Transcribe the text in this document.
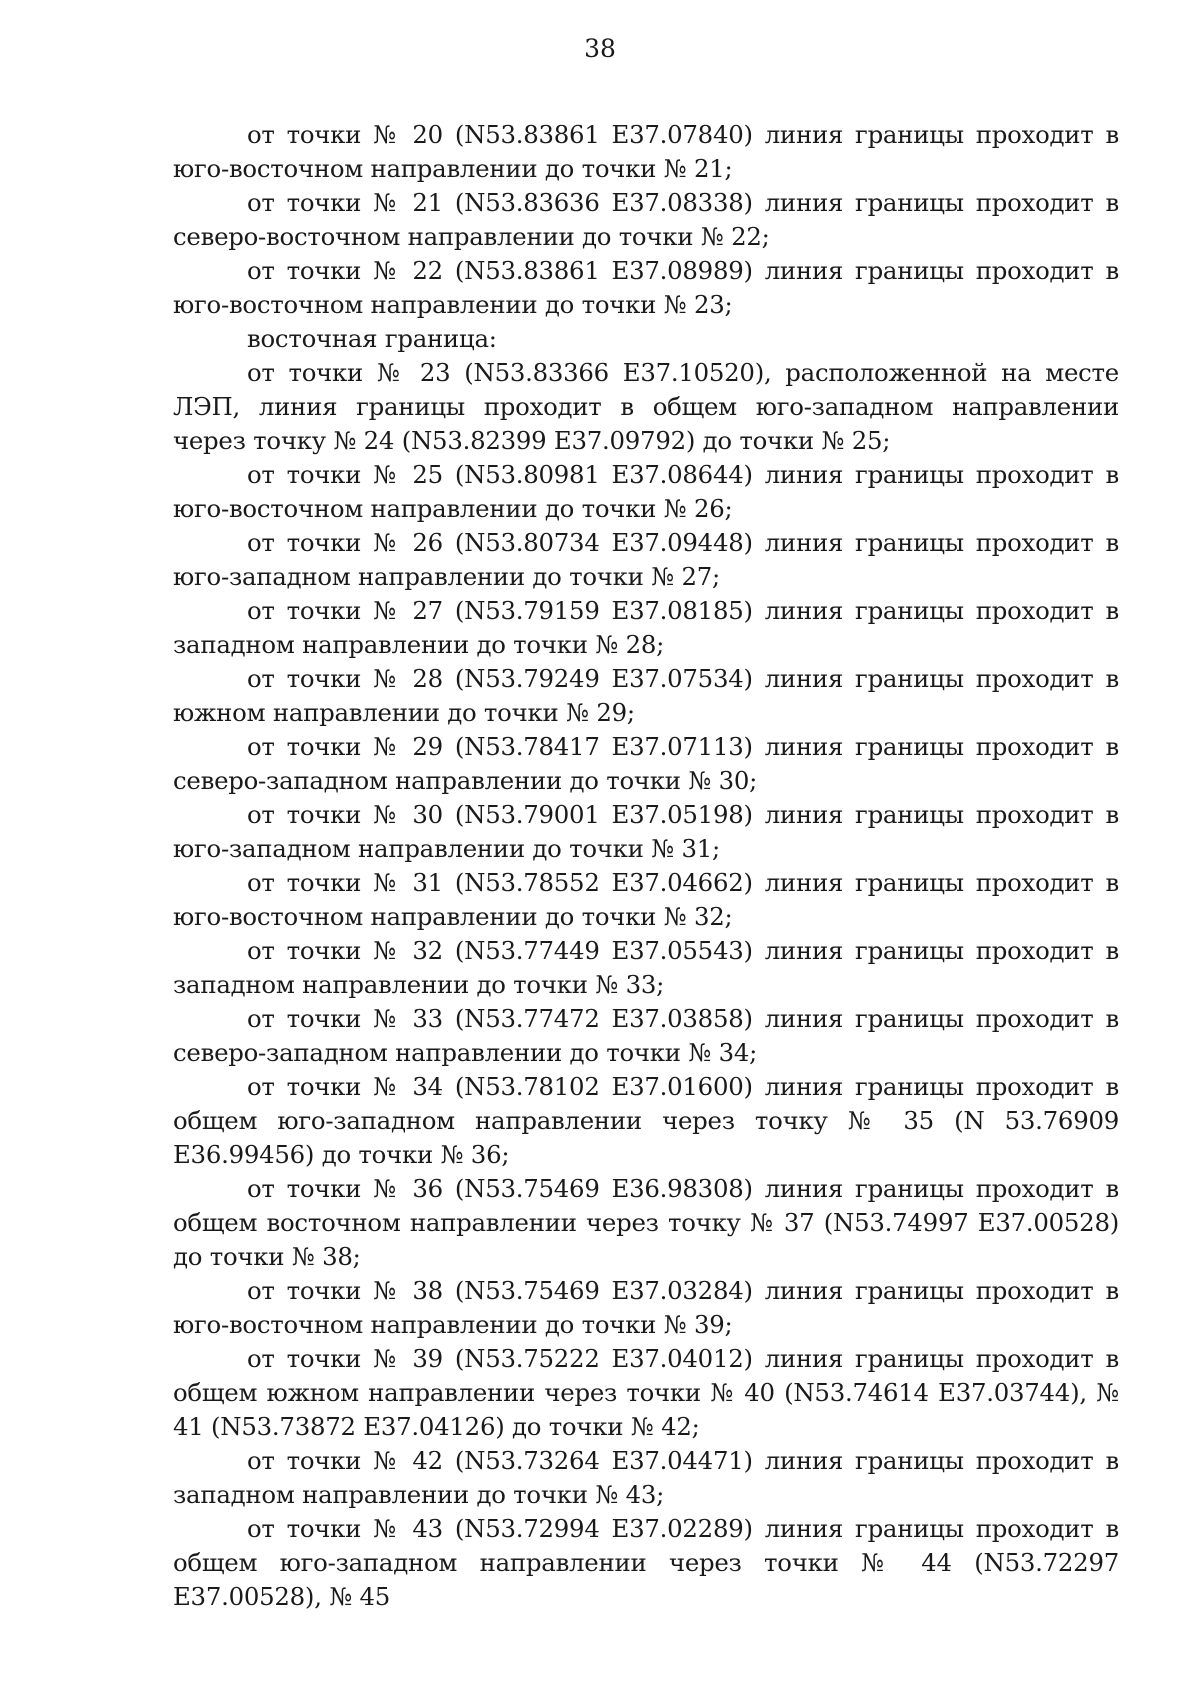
38

от точки № 20 (N53.83861 E37.07840) линия границы проходит в юго-восточном направлении до точки № 21;

от точки № 21 (N53.83636 E37.08338) линия границы проходит в северо-восточном направлении до точки № 22;

от точки № 22 (N53.83861 E37.08989) линия границы проходит в юго-восточном направлении до точки № 23;

восточная граница:

от точки № 23 (N53.83366 E37.10520), расположенной на месте ЛЭП, линия границы проходит в общем юго-западном направлении через точку № 24 (N53.82399 E37.09792) до точки № 25;

от точки № 25 (N53.80981 E37.08644) линия границы проходит в юго-восточном направлении до точки № 26;

от точки № 26 (N53.80734 E37.09448) линия границы проходит в юго-западном направлении до точки № 27;

от точки № 27 (N53.79159 E37.08185) линия границы проходит в западном направлении до точки № 28;

от точки № 28 (N53.79249 E37.07534) линия границы проходит в южном направлении до точки № 29;

от точки № 29 (N53.78417 E37.07113) линия границы проходит в северо-западном направлении до точки № 30;

от точки № 30 (N53.79001 E37.05198) линия границы проходит в юго-западном направлении до точки № 31;

от точки № 31 (N53.78552 E37.04662) линия границы проходит в юго-восточном направлении до точки № 32;

от точки № 32 (N53.77449 E37.05543) линия границы проходит в западном направлении до точки № 33;

от точки № 33 (N53.77472 E37.03858) линия границы проходит в северо-западном направлении до точки № 34;

от точки № 34 (N53.78102 E37.01600) линия границы проходит в общем юго-западном направлении через точку № 35 (N 53.76909 E36.99456) до точки № 36;

от точки № 36 (N53.75469 E36.98308) линия границы проходит в общем восточном направлении через точку № 37 (N53.74997 E37.00528) до точки № 38;

от точки № 38 (N53.75469 E37.03284) линия границы проходит в юго-восточном направлении до точки № 39;

от точки № 39 (N53.75222 E37.04012) линия границы проходит в общем южном направлении через точки № 40 (N53.74614 E37.03744), № 41 (N53.73872 E37.04126) до точки № 42;

от точки № 42 (N53.73264 E37.04471) линия границы проходит в западном направлении до точки № 43;

от точки № 43 (N53.72994 E37.02289) линия границы проходит в общем юго-западном направлении через точки № 44 (N53.72297 E37.00528), № 45
